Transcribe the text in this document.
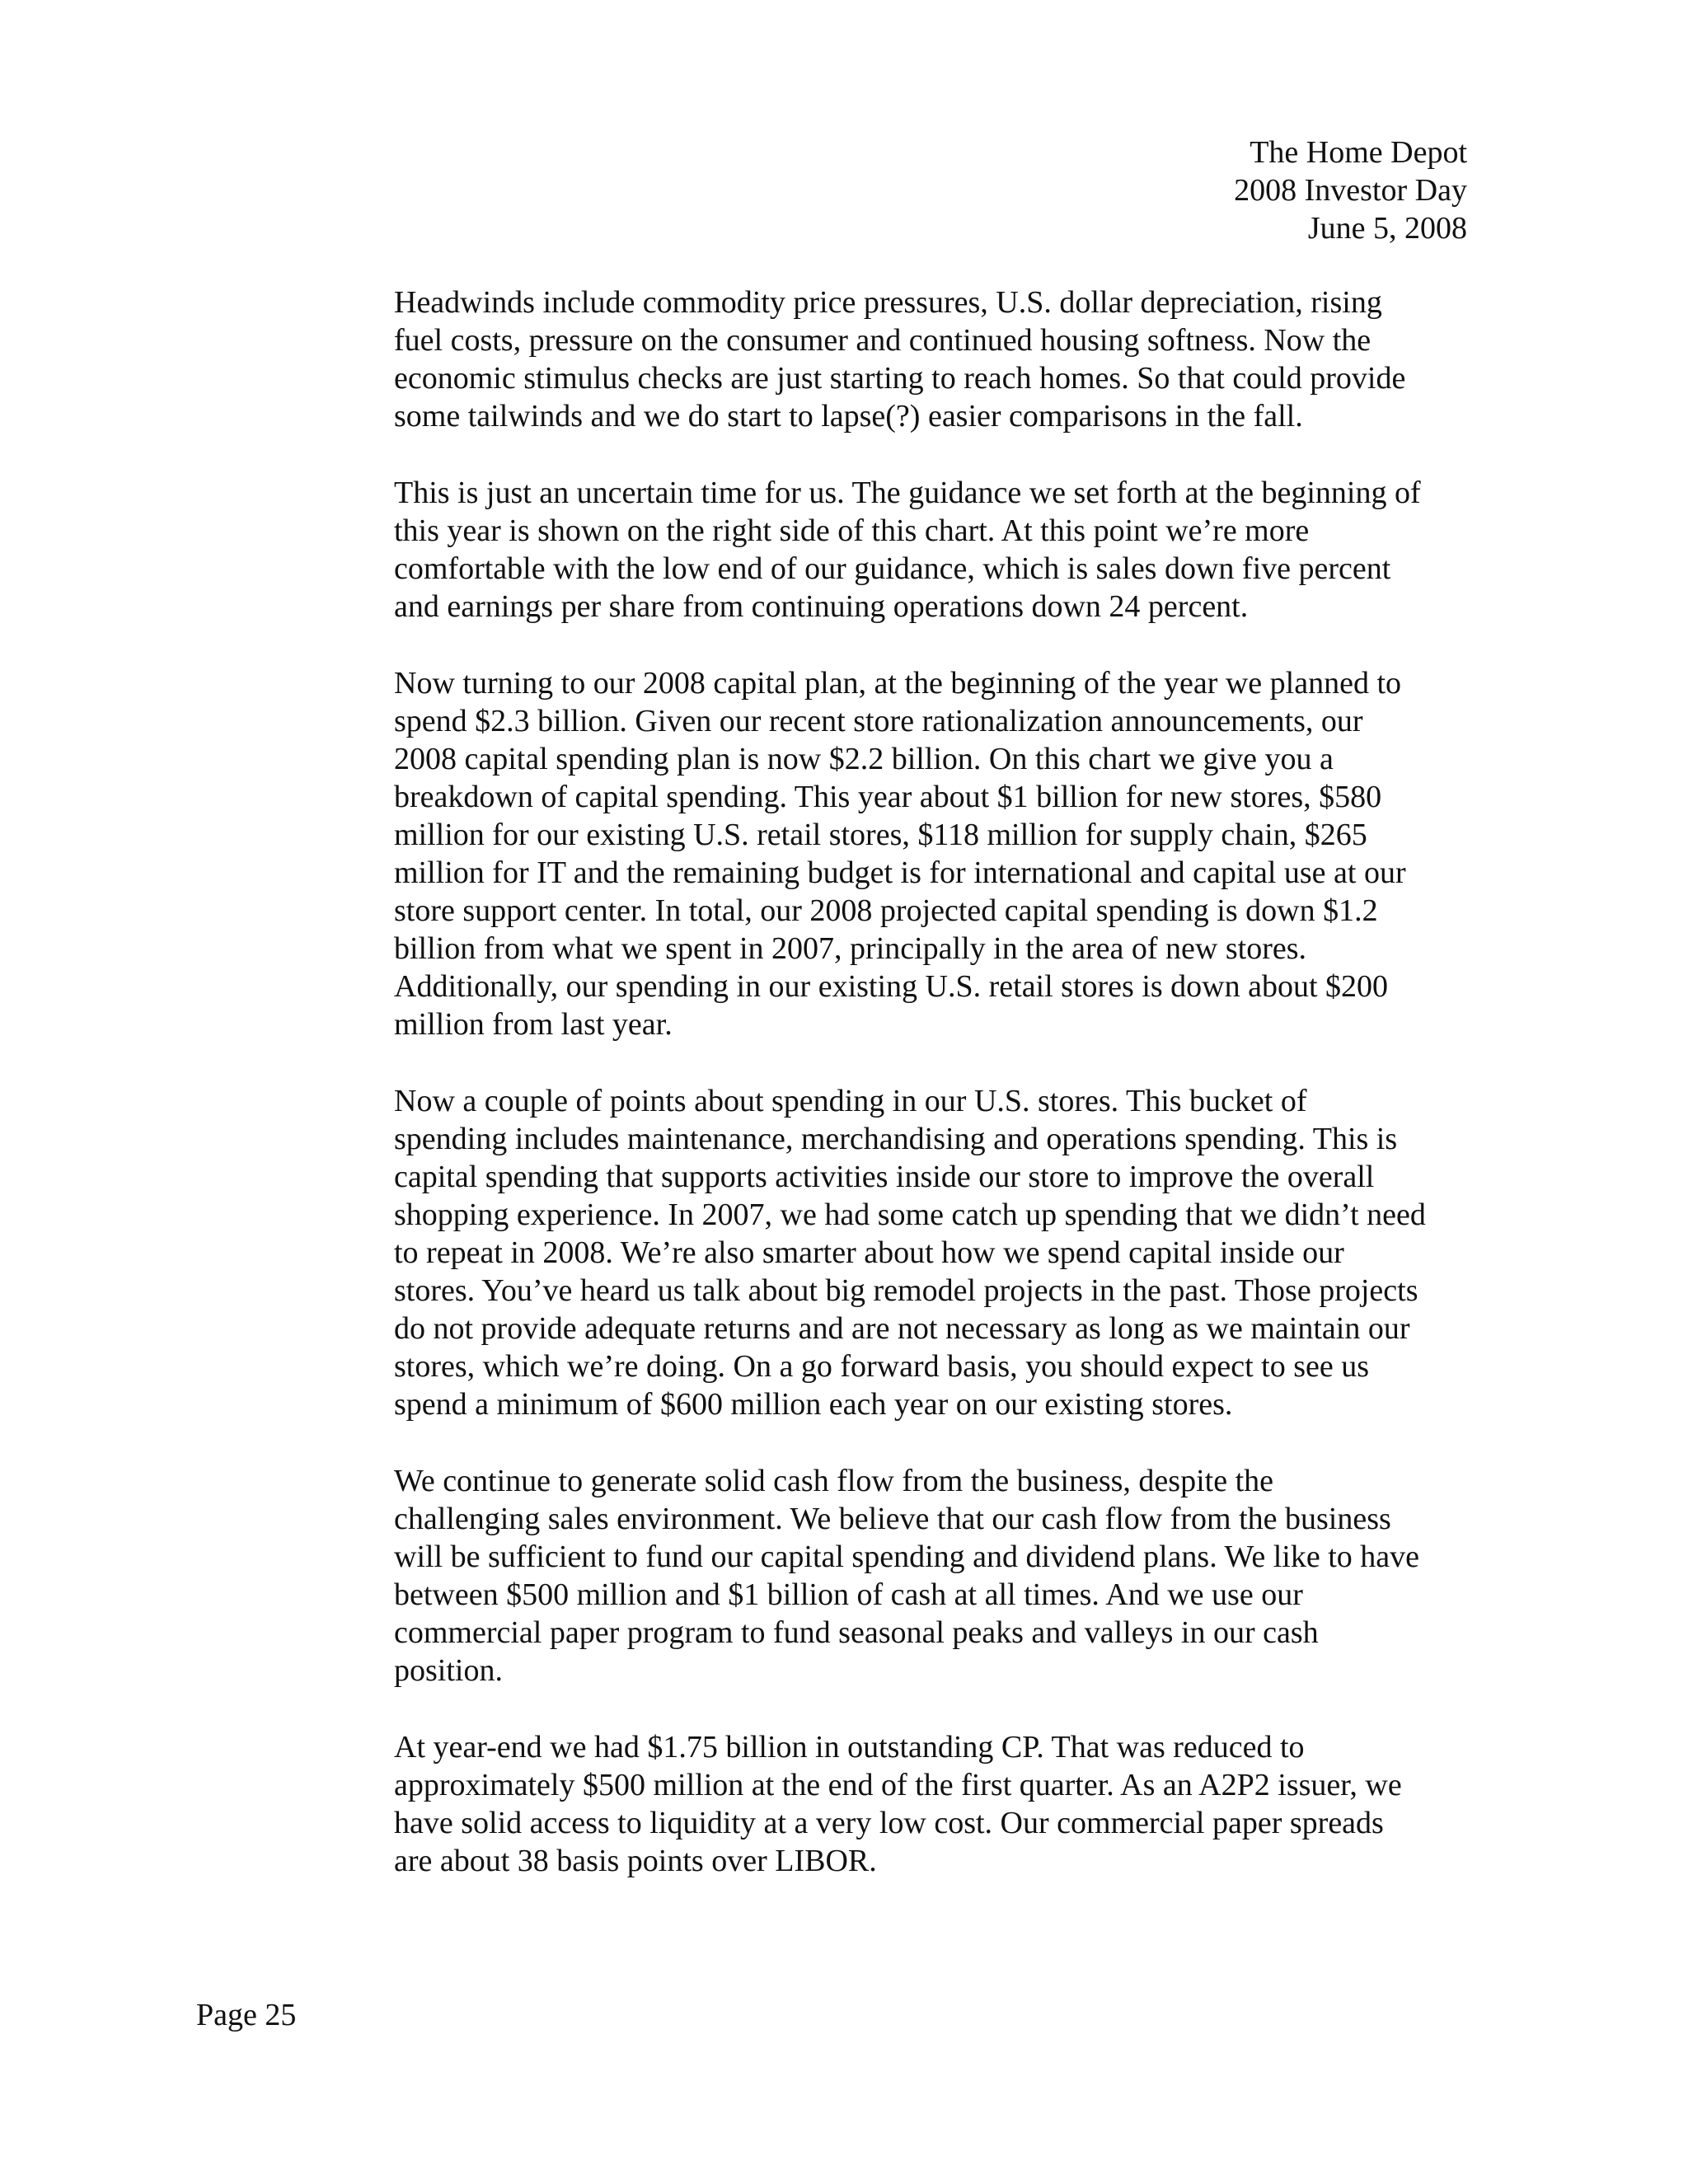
The Home Depot
2008 Investor Day
June 5, 2008
Headwinds include commodity price pressures, U.S. dollar depreciation, rising
fuel costs, pressure on the consumer and continued housing softness. Now the
economic stimulus checks are just starting to reach homes. So that could provide
some tailwinds and we do start to lapse(?) easier comparisons in the fall.
This is just an uncertain time for us. The guidance we set forth at the beginning of
this year is shown on the right side of this chart. At this point we’re more
comfortable with the low end of our guidance, which is sales down five percent
and earnings per share from continuing operations down 24 percent.
Now turning to our 2008 capital plan, at the beginning of the year we planned to
spend $2.3 billion. Given our recent store rationalization announcements, our
2008 capital spending plan is now $2.2 billion. On this chart we give you a
breakdown of capital spending. This year about $1 billion for new stores, $580
million for our existing U.S. retail stores, $118 million for supply chain, $265
million for IT and the remaining budget is for international and capital use at our
store support center. In total, our 2008 projected capital spending is down $1.2
billion from what we spent in 2007, principally in the area of new stores.
Additionally, our spending in our existing U.S. retail stores is down about $200
million from last year.
Now a couple of points about spending in our U.S. stores. This bucket of
spending includes maintenance, merchandising and operations spending. This is
capital spending that supports activities inside our store to improve the overall
shopping experience. In 2007, we had some catch up spending that we didn’t need
to repeat in 2008. We’re also smarter about how we spend capital inside our
stores. You’ve heard us talk about big remodel projects in the past. Those projects
do not provide adequate returns and are not necessary as long as we maintain our
stores, which we’re doing. On a go forward basis, you should expect to see us
spend a minimum of $600 million each year on our existing stores.
We continue to generate solid cash flow from the business, despite the
challenging sales environment. We believe that our cash flow from the business
will be sufficient to fund our capital spending and dividend plans. We like to have
between $500 million and $1 billion of cash at all times. And we use our
commercial paper program to fund seasonal peaks and valleys in our cash
position.
At year-end we had $1.75 billion in outstanding CP. That was reduced to
approximately $500 million at the end of the first quarter. As an A2P2 issuer, we
have solid access to liquidity at a very low cost. Our commercial paper spreads
are about 38 basis points over LIBOR.
Page 25
